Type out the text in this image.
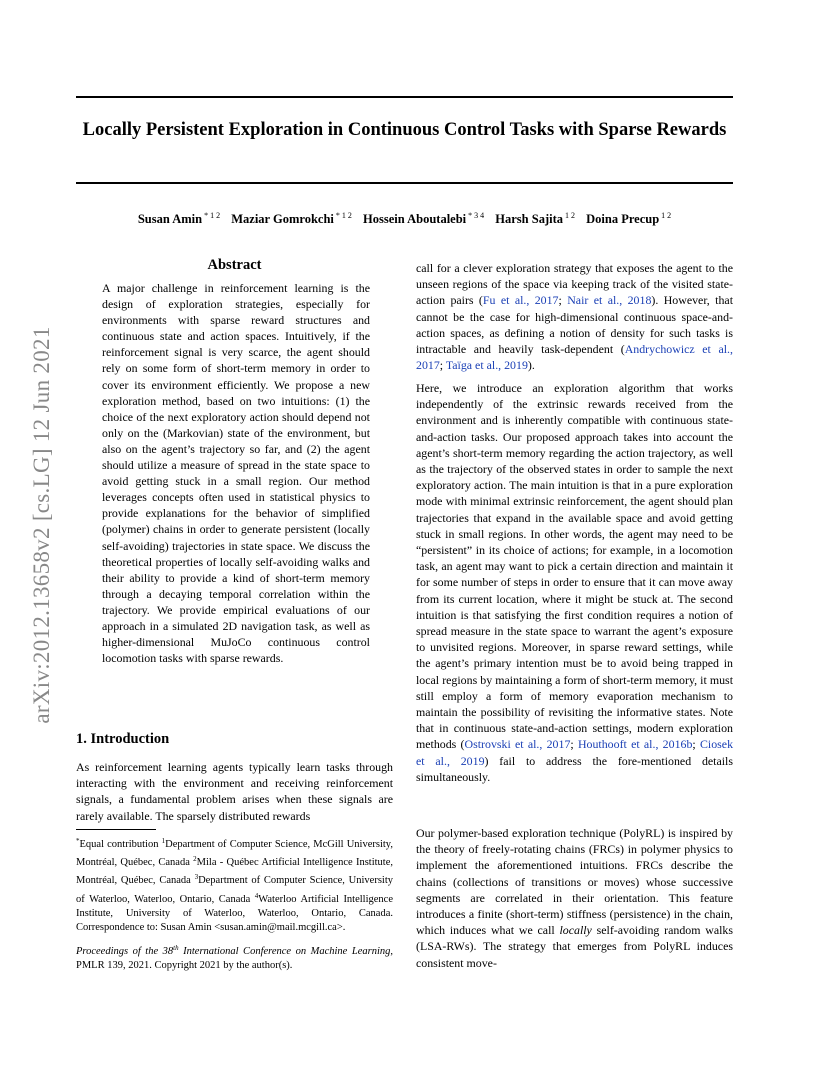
Locally Persistent Exploration in Continuous Control Tasks with Sparse Rewards
Susan Amin $^{* 1 2}$ Maziar Gomrokchi $^{* 1 2}$ Hossein Aboutalebi $^{* 3 4}$ Harsh Sajita $^{1 2}$ Doina Precup $^{1 2}$
arXiv:2012.13658v2 [cs.LG] 12 Jun 2021
Abstract
A major challenge in reinforcement learning is the design of exploration strategies, especially for environments with sparse reward structures and continuous state and action spaces. Intuitively, if the reinforcement signal is very scarce, the agent should rely on some form of short-term memory in order to cover its environment efficiently. We propose a new exploration method, based on two intuitions: (1) the choice of the next exploratory action should depend not only on the (Markovian) state of the environment, but also on the agent’s trajectory so far, and (2) the agent should utilize a measure of spread in the state space to avoid getting stuck in a small region. Our method leverages concepts often used in statistical physics to provide explanations for the behavior of simplified (polymer) chains in order to generate persistent (locally self-avoiding) trajectories in state space. We discuss the theoretical properties of locally self-avoiding walks and their ability to provide a kind of short-term memory through a decaying temporal correlation within the trajectory. We provide empirical evaluations of our approach in a simulated 2D navigation task, as well as higher-dimensional MuJoCo continuous control locomotion tasks with sparse rewards.
1. Introduction
As reinforcement learning agents typically learn tasks through interacting with the environment and receiving reinforcement signals, a fundamental problem arises when these signals are rarely available. The sparsely distributed rewards
*Equal contribution $^1$Department of Computer Science, McGill University, Montréal, Québec, Canada $^2$Mila - Québec Artificial Intelligence Institute, Montréal, Québec, Canada $^3$Department of Computer Science, University of Waterloo, Waterloo, Ontario, Canada $^4$Waterloo Artificial Intelligence Institute, University of Waterloo, Waterloo, Ontario, Canada. Correspondence to: Susan Amin <susan.amin@mail.mcgill.ca>.
Proceedings of the 38th International Conference on Machine Learning, PMLR 139, 2021. Copyright 2021 by the author(s).
call for a clever exploration strategy that exposes the agent to the unseen regions of the space via keeping track of the visited state-action pairs (Fu et al., 2017; Nair et al., 2018). However, that cannot be the case for high-dimensional continuous space-and-action spaces, as defining a notion of density for such tasks is intractable and heavily task-dependent (Andrychowicz et al., 2017; Taïga et al., 2019).
Here, we introduce an exploration algorithm that works independently of the extrinsic rewards received from the environment and is inherently compatible with continuous state-and-action tasks. Our proposed approach takes into account the agent’s short-term memory regarding the action trajectory, as well as the trajectory of the observed states in order to sample the next exploratory action. The main intuition is that in a pure exploration mode with minimal extrinsic reinforcement, the agent should plan trajectories that expand in the available space and avoid getting stuck in small regions. In other words, the agent may need to be “persistent” in its choice of actions; for example, in a locomotion task, an agent may want to pick a certain direction and maintain it for some number of steps in order to ensure that it can move away from its current location, where it might be stuck at. The second intuition is that satisfying the first condition requires a notion of spread measure in the state space to warrant the agent’s exposure to unvisited regions. Moreover, in sparse reward settings, while the agent’s primary intention must be to avoid being trapped in local regions by maintaining a form of short-term memory, it must still employ a form of memory evaporation mechanism to maintain the possibility of revisiting the informative states. Note that in continuous state-and-action settings, modern exploration methods (Ostrovski et al., 2017; Houthooft et al., 2016b; Ciosek et al., 2019) fail to address the fore-mentioned details simultaneously.
Our polymer-based exploration technique (PolyRL) is inspired by the theory of freely-rotating chains (FRCs) in polymer physics to implement the aforementioned intuitions. FRCs describe the chains (collections of transitions or moves) whose successive segments are correlated in their orientation. This feature introduces a finite (short-term) stiffness (persistence) in the chain, which induces what we call locally self-avoiding random walks (LSA-RWs). The strategy that emerges from PolyRL induces consistent move-
